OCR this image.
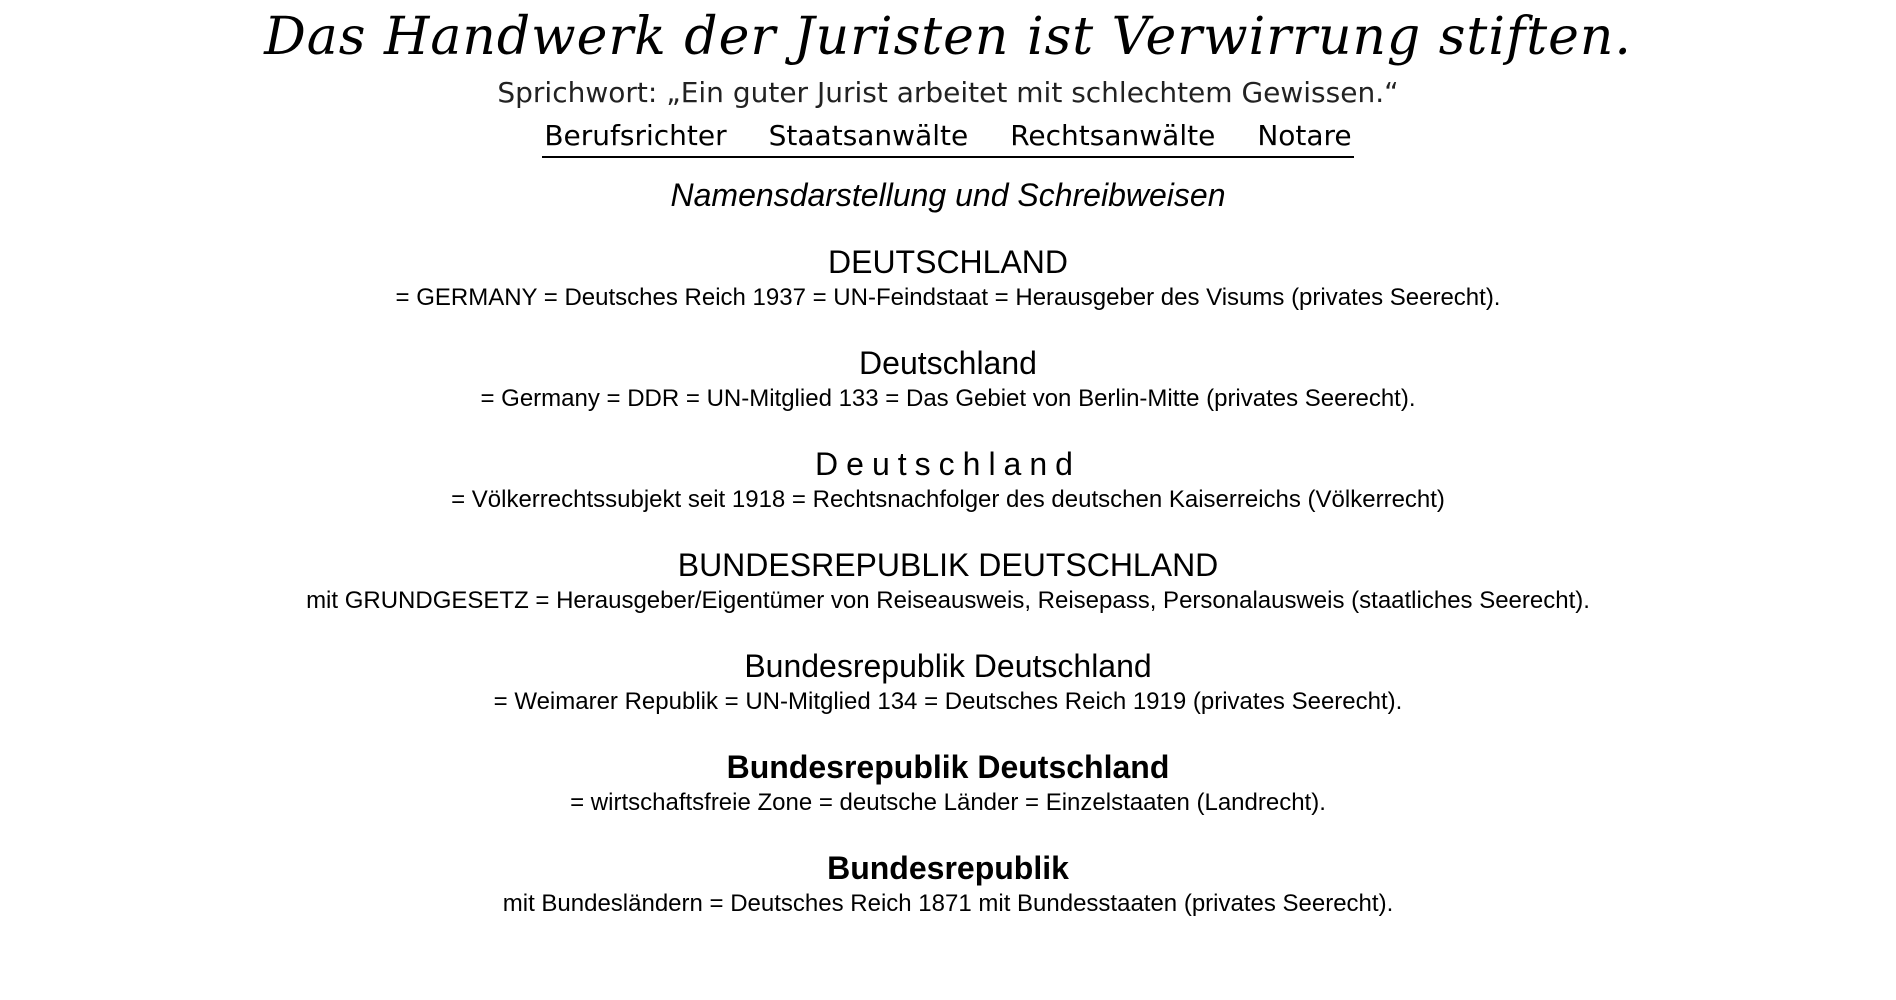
Das Handwerk der Juristen ist Verwirrung stiften.
Sprichwort: „Ein guter Jurist arbeitet mit schlechtem Gewissen.“
Berufsrichter Staatsanwälte Rechtsanwälte Notare
Namensdarstellung und Schreibweisen
DEUTSCHLAND
= GERMANY = Deutsches Reich 1937 = UN-Feindstaat = Herausgeber des Visums (privates Seerecht).
Deutschland
= Germany = DDR = UN-Mitglied 133 = Das Gebiet von Berlin-Mitte (privates Seerecht).
Deutschland
= Völkerrechtssubjekt seit 1918 = Rechtsnachfolger des deutschen Kaiserreichs (Völkerrecht)
BUNDESREPUBLIK DEUTSCHLAND
mit GRUNDGESETZ = Herausgeber/Eigentümer von Reiseausweis, Reisepass, Personalausweis (staatliches Seerecht).
Bundesrepublik Deutschland
= Weimarer Republik = UN-Mitglied 134 = Deutsches Reich 1919 (privates Seerecht).
Bundesrepublik Deutschland
= wirtschaftsfreie Zone = deutsche Länder = Einzelstaaten (Landrecht).
Bundesrepublik
mit Bundesländern = Deutsches Reich 1871 mit Bundesstaaten (privates Seerecht).
